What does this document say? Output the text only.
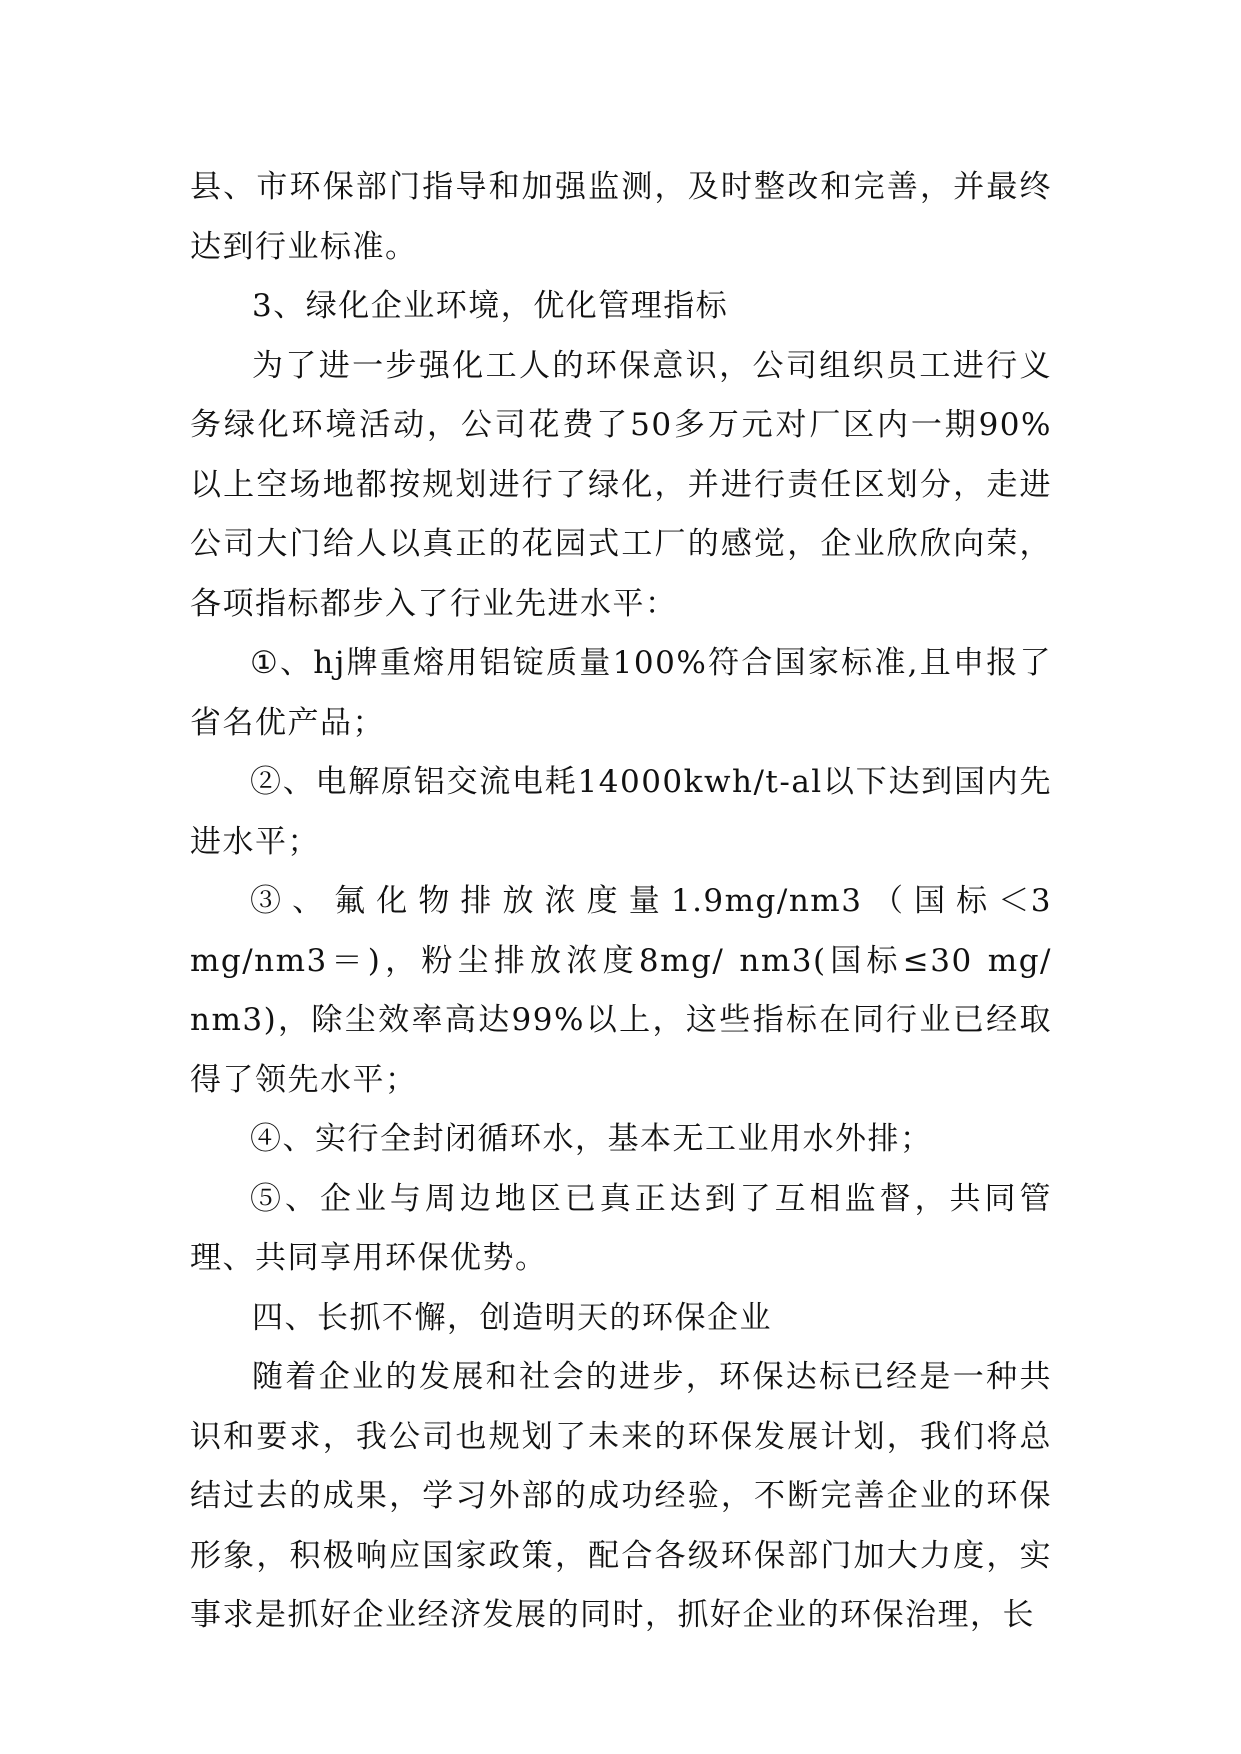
县、市环保部门指导和加强监测，及时整改和完善，并最终达到行业标准。

3、绿化企业环境，优化管理指标

为了进一步强化工人的环保意识，公司组织员工进行义务绿化环境活动，公司花费了50多万元对厂区内一期90%以上空场地都按规划进行了绿化，并进行责任区划分，走进公司大门给人以真正的花园式工厂的感觉，企业欣欣向荣，各项指标都步入了行业先进水平：

①、hj牌重熔用铝锭质量100%符合国家标准,且申报了省名优产品；

②、电解原铝交流电耗14000kwh/t-al以下达到国内先进水平；

③、氟化物排放浓度量1.9mg/nm3（国标＜3 mg/nm3＝)，粉尘排放浓度8mg/ nm3(国标≤30 mg/ nm3)，除尘效率高达99%以上，这些指标在同行业已经取得了领先水平；

④、实行全封闭循环水，基本无工业用水外排；

⑤、企业与周边地区已真正达到了互相监督，共同管理、共同享用环保优势。

四、长抓不懈，创造明天的环保企业

随着企业的发展和社会的进步，环保达标已经是一种共识和要求，我公司也规划了未来的环保发展计划，我们将总结过去的成果，学习外部的成功经验，不断完善企业的环保形象，积极响应国家政策，配合各级环保部门加大力度，实事求是抓好企业经济发展的同时，抓好企业的环保治理，长
